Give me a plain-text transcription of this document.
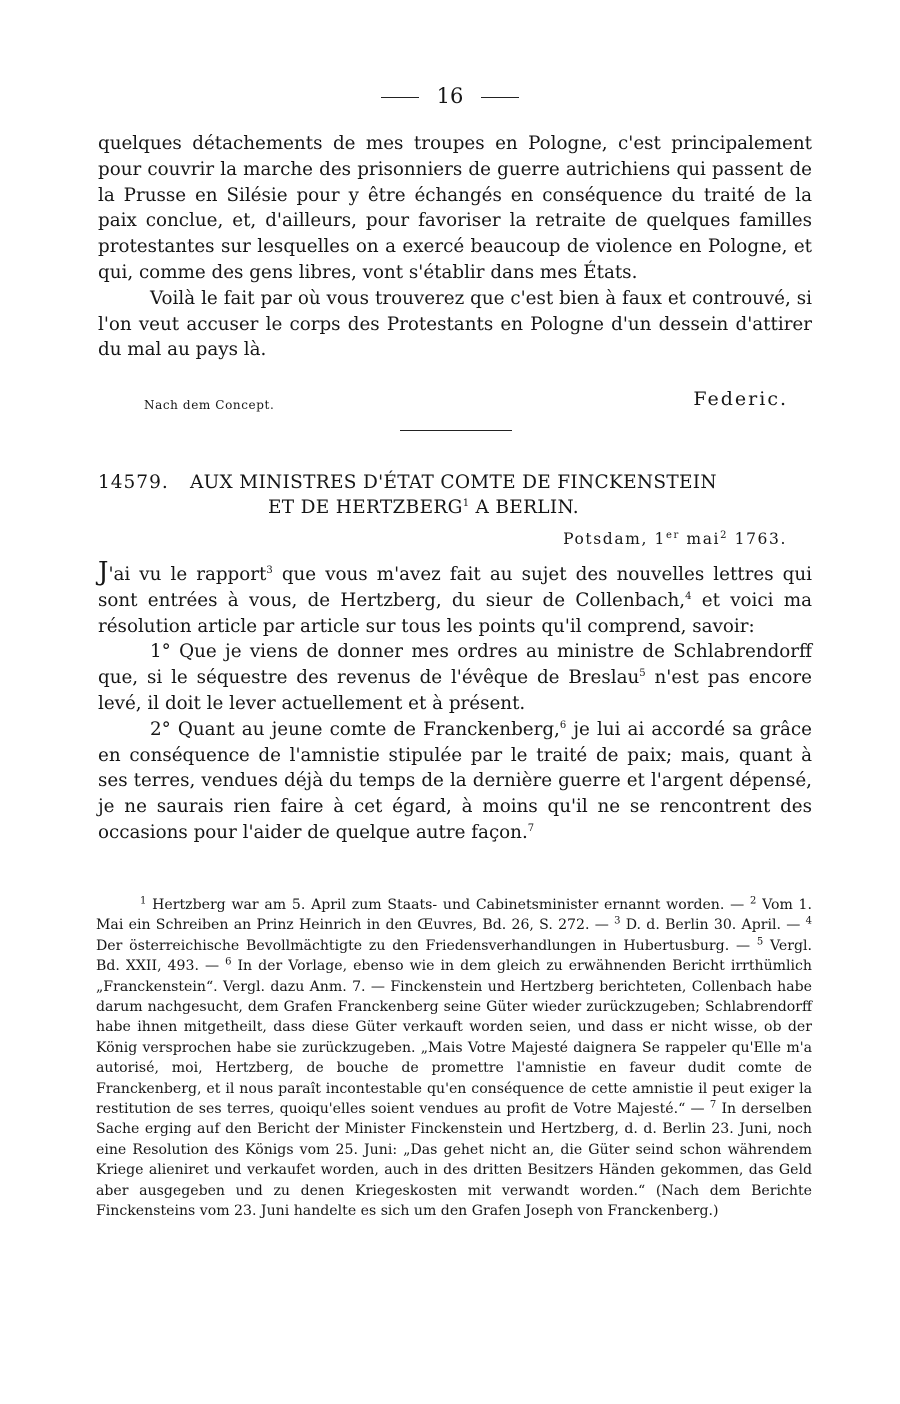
16

quelques détachements de mes troupes en Pologne, c'est principalement pour couvrir la marche des prisonniers de guerre autrichiens qui passent de la Prusse en Silésie pour y être échangés en conséquence du traité de la paix conclue, et, d'ailleurs, pour favoriser la retraite de quelques familles protestantes sur lesquelles on a exercé beaucoup de violence en Pologne, et qui, comme des gens libres, vont s'établir dans mes États.

Voilà le fait par où vous trouverez que c'est bien à faux et controuvé, si l'on veut accuser le corps des Protestants en Pologne d'un dessein d'attirer du mal au pays là.

Nach dem Concept.	Federic.
14579.	AUX MINISTRES D'ÉTAT COMTE DE FINCKENSTEIN
ET DE HERTZBERG$^1$ A BERLIN.
Potsdam, 1er mai$^2$ 1763.

J'ai vu le rapport$^3$ que vous m'avez fait au sujet des nouvelles lettres qui sont entrées à vous, de Hertzberg, du sieur de Collenbach,$^4$ et voici ma résolution article par article sur tous les points qu'il comprend, savoir:

1° Que je viens de donner mes ordres au ministre de Schlabrendorff que, si le séquestre des revenus de l'évêque de Breslau$^5$ n'est pas encore levé, il doit le lever actuellement et à présent.

2° Quant au jeune comte de Franckenberg,$^6$ je lui ai accordé sa grâce en conséquence de l'amnistie stipulée par le traité de paix; mais, quant à ses terres, vendues déjà du temps de la dernière guerre et l'argent dépensé, je ne saurais rien faire à cet égard, à moins qu'il ne se rencontrent des occasions pour l'aider de quelque autre façon.$^7$

$^1$ Hertzberg war am 5. April zum Staats- und Cabinetsminister ernannt worden. — $^2$ Vom 1. Mai ein Schreiben an Prinz Heinrich in den Œuvres, Bd. 26, S. 272. — $^3$ D. d. Berlin 30. April. — $^4$ Der österreichische Bevollmächtigte zu den Friedensverhandlungen in Hubertusburg. — $^5$ Vergl. Bd. XXII, 493. — $^6$ In der Vorlage, ebenso wie in dem gleich zu erwähnenden Bericht irrthümlich „Franckenstein“. Vergl. dazu Anm. 7. — Finckenstein und Hertzberg berichteten, Collenbach habe darum nachgesucht, dem Grafen Franckenberg seine Güter wieder zurückzugeben; Schlabrendorff habe ihnen mitgetheilt, dass diese Güter verkauft worden seien, und dass er nicht wisse, ob der König versprochen habe sie zurückzugeben. „Mais Votre Majesté daignera Se rappeler qu'Elle m'a autorisé, moi, Hertzberg, de bouche de promettre l'amnistie en faveur dudit comte de Franckenberg, et il nous paraît incontestable qu'en conséquence de cette amnistie il peut exiger la restitution de ses terres, quoiqu'elles soient vendues au profit de Votre Majesté.“ — $^7$ In derselben Sache erging auf den Bericht der Minister Finckenstein und Hertzberg, d. d. Berlin 23. Juni, noch eine Resolution des Königs vom 25. Juni: „Das gehet nicht an, die Güter seind schon währendem Kriege alieniret und verkaufet worden, auch in des dritten Besitzers Händen gekommen, das Geld aber ausgegeben und zu denen Kriegeskosten mit verwandt worden.“ (Nach dem Berichte Finckensteins vom 23. Juni handelte es sich um den Grafen Joseph von Franckenberg.)
